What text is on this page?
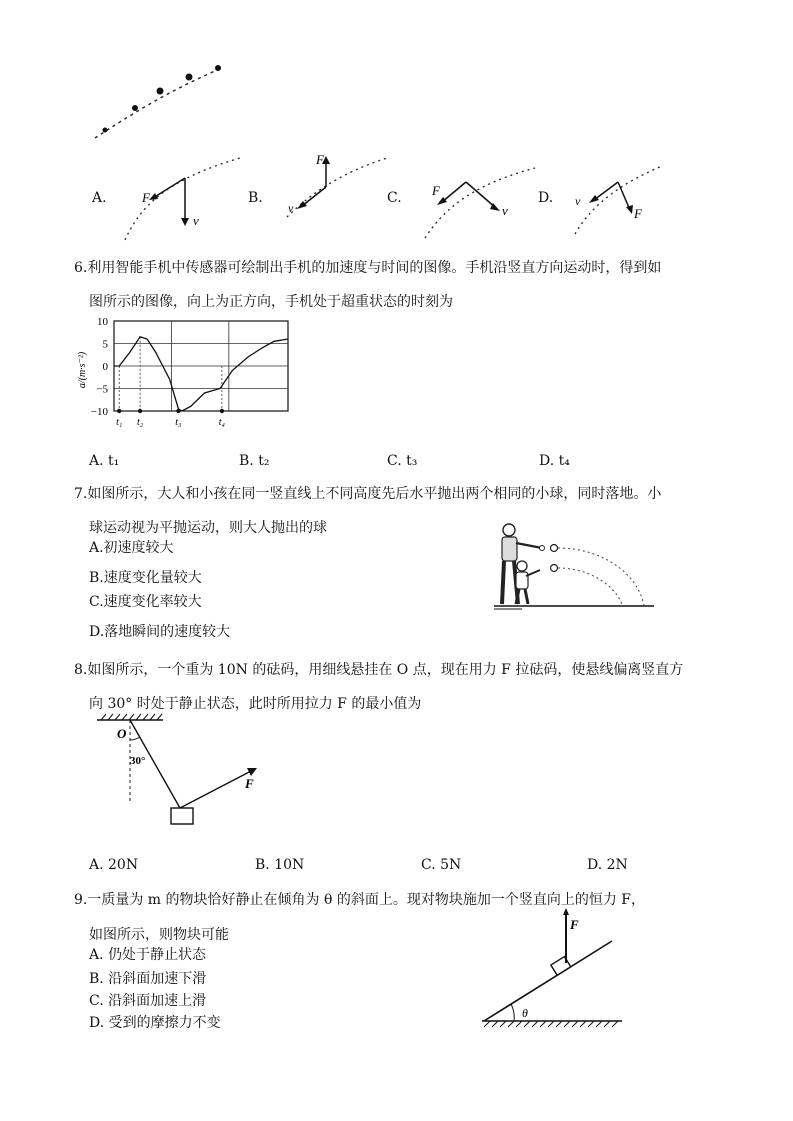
A.	F
v
B.
F
v
C. F
v
D. v
F
6.利用智能手机中传感器可绘制出手机的加速度与时间的图像。手机沿竖直方向运动时，得到如
图所示的图像，向上为正方向，手机处于超重状态的时刻为
10
5
0
−5
−10
t₁ t₂	t₃	t₄
a/(m·s⁻²)
A. t₁	B. t₂	C. t₃	D. t₄
7.如图所示，大人和小孩在同一竖直线上不同高度先后水平抛出两个相同的小球，同时落地。小
球运动视为平抛运动，则大人抛出的球
A.初速度较大
B.速度变化量较大
C.速度变化率较大
D.落地瞬间的速度较大
8.如图所示，一个重为 10N 的砝码，用细线悬挂在 O 点，现在用力 F 拉砝码，使悬线偏离竖直方
向 30° 时处于静止状态，此时所用拉力 F 的最小值为
O
30°
F
A. 20N	B. 10N	C. 5N	D. 2N
9.一质量为 m 的物块恰好静止在倾角为 θ 的斜面上。现对物块施加一个竖直向上的恒力 F，
如图所示，则物块可能
A. 仍处于静止状态
B. 沿斜面加速下滑
C. 沿斜面加速上滑
D. 受到的摩擦力不变
F
θ
